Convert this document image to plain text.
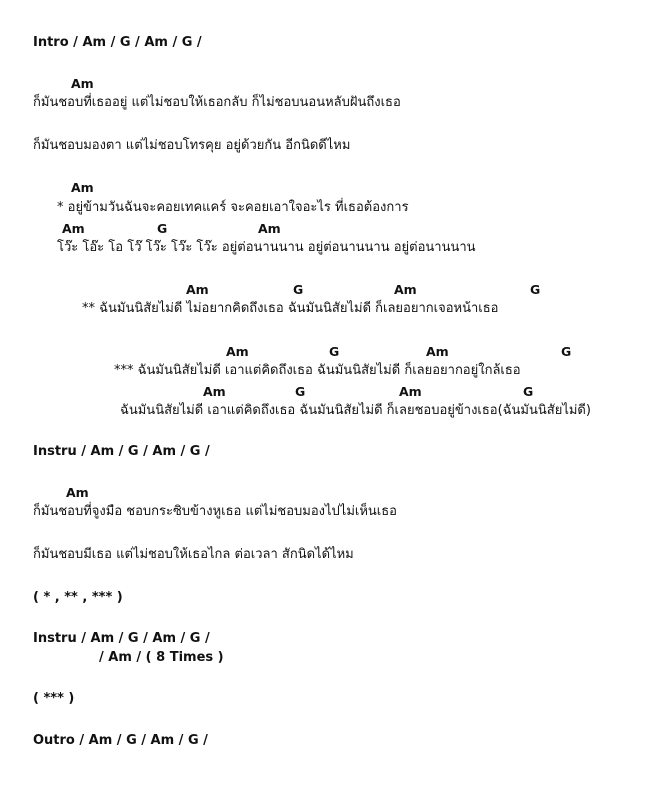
Intro / Am / G / Am / G /
Am
ก็มันชอบที่เธออยู่ แต่ไม่ชอบให้เธอกลับ ก็ไม่ชอบนอนหลับฝันถึงเธอ
ก็มันชอบมองตา แต่ไม่ชอบโทรคุย อยู่ด้วยกัน อีกนิดดีไหม
Am
* อยู่ข้ามวันฉันจะคอยเทคแคร์ จะคอยเอาใจอะไร ที่เธอต้องการ
Am	G	Am
โว๊ะ โอ๊ะ โอ โว๊ โว๊ะ โว๊ะ โว๊ะ อยู่ต่อนานนาน อยู่ต่อนานนาน อยู่ต่อนานนาน
Am	G	Am	G
** ฉันมันนิสัยไม่ดี ไม่อยากคิดถึงเธอ ฉันมันนิสัยไม่ดี ก็เลยอยากเจอหน้าเธอ
Am	G	Am	G
*** ฉันมันนิสัยไม่ดี เอาแต่คิดถึงเธอ ฉันมันนิสัยไม่ดี ก็เลยอยากอยู่ใกล้เธอ
Am	G	Am	G
ฉันมันนิสัยไม่ดี เอาแต่คิดถึงเธอ ฉันมันนิสัยไม่ดี ก็เลยชอบอยู่ข้างเธอ(ฉันมันนิสัยไม่ดี)
Instru / Am / G / Am / G /
Am
ก็มันชอบที่จูงมือ ชอบกระซิบข้างหูเธอ แต่ไม่ชอบมองไปไม่เห็นเธอ
ก็มันชอบมีเธอ แต่ไม่ชอบให้เธอไกล ต่อเวลา สักนิดได้ไหม
( * , ** , *** )
Instru / Am / G / Am / G /
/ Am / ( 8 Times )
( *** )
Outro / Am / G / Am / G /
